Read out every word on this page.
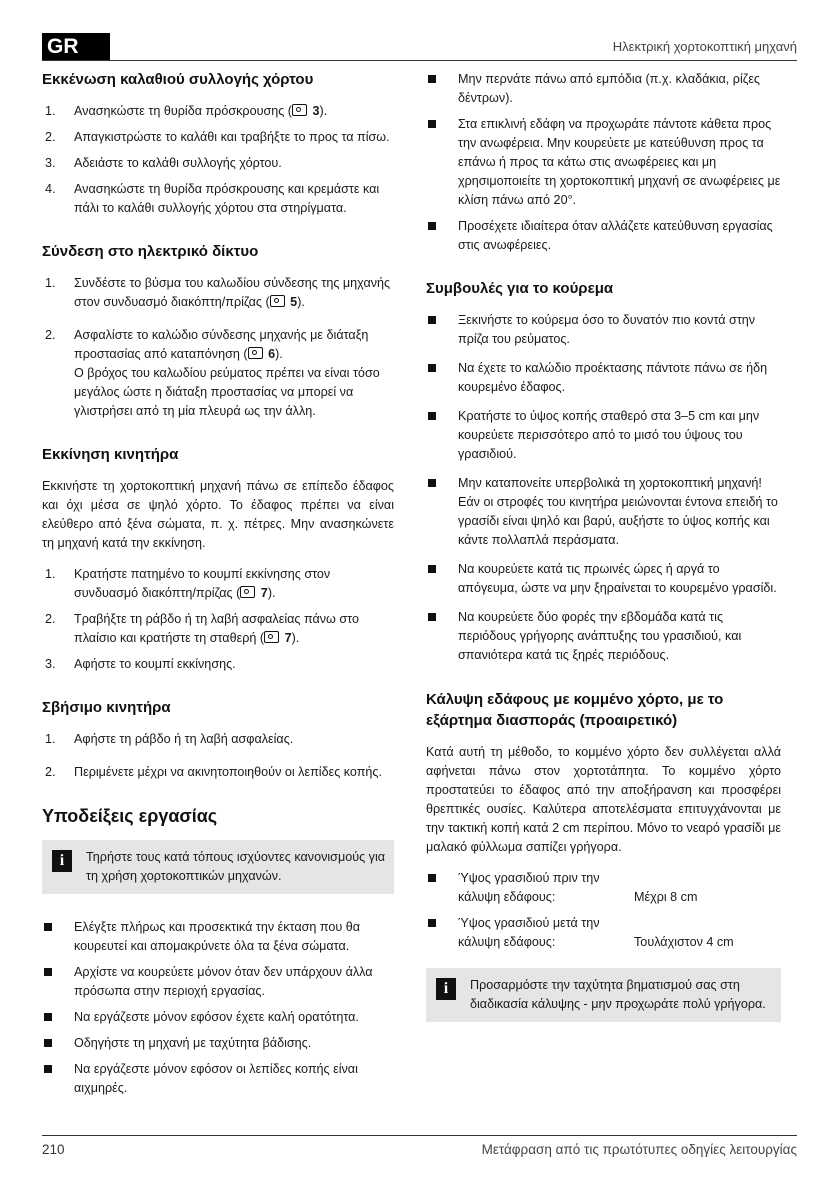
GR	Ηλεκτρική χορτοκοπτική μηχανή
Εκκένωση καλαθιού συλλογής χόρτου
1. Ανασηκώστε τη θυρίδα πρόσκρουσης ( 3).
2. Απαγκιστρώστε το καλάθι και τραβήξτε το προς τα πίσω.
3. Αδειάστε το καλάθι συλλογής χόρτου.
4. Ανασηκώστε τη θυρίδα πρόσκρουσης και κρεμάστε και πάλι το καλάθι συλλογής χόρτου στα στηρίγματα.
Σύνδεση στο ηλεκτρικό δίκτυο
1. Συνδέστε το βύσμα του καλωδίου σύνδεσης της μηχανής στον συνδυασμό διακόπτη/πρίζας ( 5).
2. Ασφαλίστε το καλώδιο σύνδεσης μηχανής με διάταξη προστασίας από καταπόνηση ( 6).
Ο βρόχος του καλωδίου ρεύματος πρέπει να είναι τόσο μεγάλος ώστε η διάταξη προστασίας να μπορεί να γλιστρήσει από τη μία πλευρά ως την άλλη.
Εκκίνηση κινητήρα

Εκκινήστε τη χορτοκοπτική μηχανή πάνω σε επίπεδο έδαφος και όχι μέσα σε ψηλό χόρτο. Το έδαφος πρέπει να είναι ελεύθερο από ξένα σώματα, π. χ. πέτρες. Μην ανασηκώνετε τη μηχανή κατά την εκκίνηση.

1. Κρατήστε πατημένο το κουμπί εκκίνησης στον συνδυασμό διακόπτη/πρίζας ( 7).
2. Τραβήξτε τη ράβδο ή τη λαβή ασφαλείας πάνω στο πλαίσιο και κρατήστε τη σταθερή ( 7).
3. Αφήστε το κουμπί εκκίνησης.
Σβήσιμο κινητήρα
1. Αφήστε τη ράβδο ή τη λαβή ασφαλείας.
2. Περιμένετε μέχρι να ακινητοποιηθούν οι λεπίδες κοπής.
Υποδείξεις εργασίας
i	Τηρήστε τους κατά τόπους ισχύοντες κανονισμούς για τη χρήση χορτοκοπτικών μηχανών.
Ελέγξτε πλήρως και προσεκτικά την έκταση που θα κουρευτεί και απομακρύνετε όλα τα ξένα σώματα.
Αρχίστε να κουρεύετε μόνον όταν δεν υπάρχουν άλλα πρόσωπα στην περιοχή εργασίας.
Να εργάζεστε μόνον εφόσον έχετε καλή ορατότητα.
Οδηγήστε τη μηχανή με ταχύτητα βάδισης.
Να εργάζεστε μόνον εφόσον οι λεπίδες κοπής είναι αιχμηρές.
Μην περνάτε πάνω από εμπόδια (π.χ. κλαδάκια, ρίζες δέντρων).
Στα επικλινή εδάφη να προχωράτε πάντοτε κάθετα προς την ανωφέρεια. Μην κουρεύετε με κατεύθυνση προς τα επάνω ή προς τα κάτω στις ανωφέρειες και μη χρησιμοποιείτε τη χορτοκοπτική μηχανή σε ανωφέρειες με κλίση πάνω από 20°.
Προσέχετε ιδιαίτερα όταν αλλάζετε κατεύθυνση εργασίας στις ανωφέρειες.
Συμβουλές για το κούρεμα
Ξεκινήστε το κούρεμα όσο το δυνατόν πιο κοντά στην πρίζα του ρεύματος.
Να έχετε το καλώδιο προέκτασης πάντοτε πάνω σε ήδη κουρεμένο έδαφος.
Κρατήστε το ύψος κοπής σταθερό στα 3–5 cm και μην κουρεύετε περισσότερο από το μισό του ύψους του γρασιδιού.
Μην καταπονείτε υπερβολικά τη χορτοκοπτική μηχανή! Εάν οι στροφές του κινητήρα μειώνονται έντονα επειδή το γρασίδι είναι ψηλό και βαρύ, αυξήστε το ύψος κοπής και κάντε πολλαπλά περάσματα.
Να κουρεύετε κατά τις πρωινές ώρες ή αργά το απόγευμα, ώστε να μην ξηραίνεται το κουρεμένο γρασίδι.
Να κουρεύετε δύο φορές την εβδομάδα κατά τις περιόδους γρήγορης ανάπτυξης του γρασιδιού, και σπανιότερα κατά τις ξηρές περιόδους.
Κάλυψη εδάφους με κομμένο χόρτο, με το εξάρτημα διασποράς (προαιρετικό)

Κατά αυτή τη μέθοδο, το κομμένο χόρτο δεν συλλέγεται αλλά αφήνεται πάνω στον χορτοτάπητα. Το κομμένο χόρτο προστατεύει το έδαφος από την αποξήρανση και προσφέρει θρεπτικές ουσίες. Καλύτερα αποτελέσματα επιτυγχάνονται με την τακτική κοπή κατά 2 cm περίπου. Μόνο το νεαρό γρασίδι με μαλακό φύλλωμα σαπίζει γρήγορα.

Ύψος γρασιδιού πριν την
κάλυψη εδάφους:	Μέχρι 8 cm
Ύψος γρασιδιού μετά την
κάλυψη εδάφους:	Τουλάχιστον 4 cm
i	Προσαρμόστε την ταχύτητα βηματισμού σας στη διαδικασία κάλυψης - μην προχωράτε πολύ γρήγορα.
210	Μετάφραση από τις πρωτότυπες οδηγίες λειτουργίας
